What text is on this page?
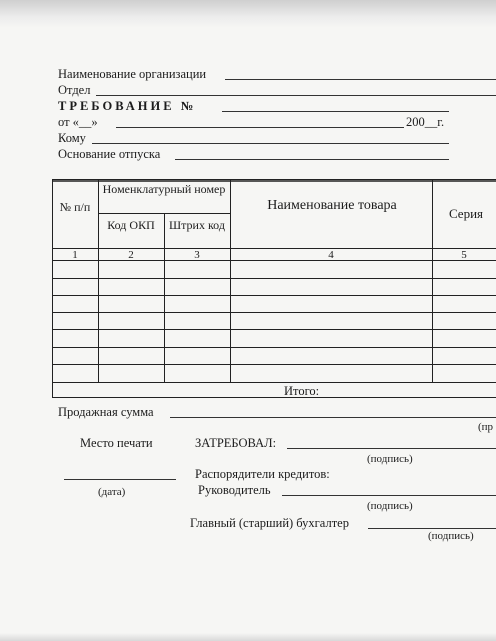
Наименование организации
Отдел
ТРЕБОВАНИЕ №
от «__»	200__г.
Кому
Основание отпуска
№ п/п
Номенклатурный номер
Код ОКП	Штрих код
Наименование товара
Серия
1	2	3	4	5
Итого:
Продажная сумма
(пр
Место печати	ЗАТРЕБОВАЛ:
(подпись)
Распорядители кредитов:
(дата)	Руководитель
(подпись)
Главный (старший) бухгалтер
(подпись)
